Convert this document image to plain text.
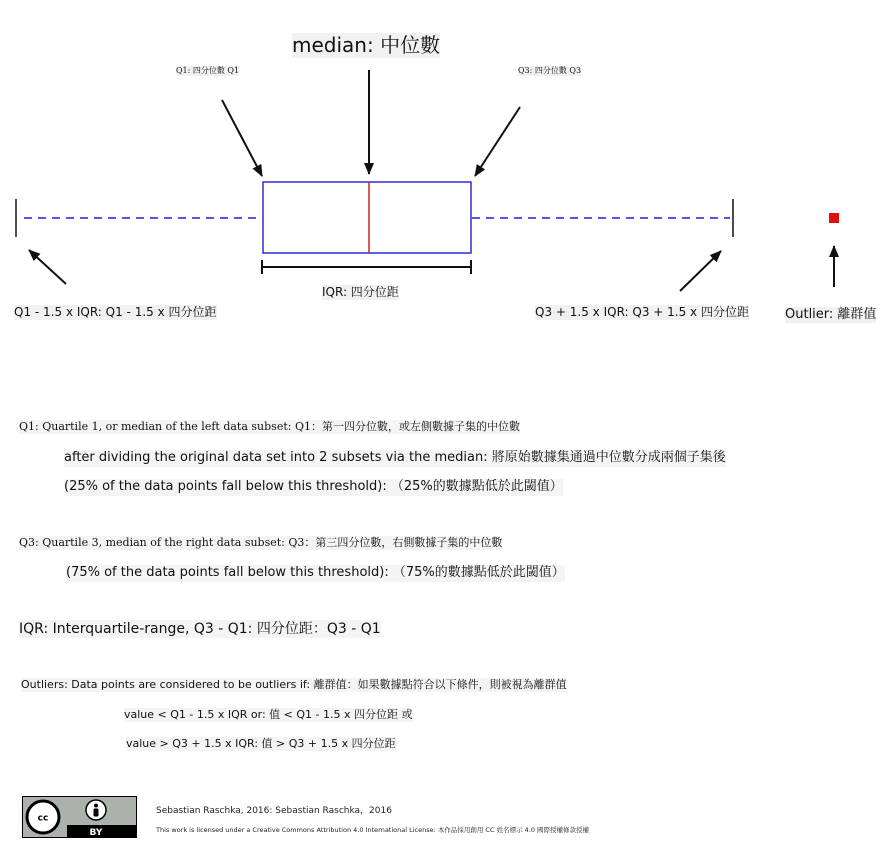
median: 中位數
Q1: 四分位數 Q1	Q3: 四分位數 Q3
IQR: 四分位距
Q1 - 1.5 x IQR: Q1 - 1.5 x 四分位距	Q3 + 1.5 x IQR: Q3 + 1.5 x 四分位距	Outlier: 離群值
Q1: Quartile 1, or median of the left data subset: Q1：第一四分位數，或左側數據子集的中位數
after dividing the original data set into 2 subsets via the median: 將原始數據集通過中位數分成兩個子集後
(25% of the data points fall below this threshold): （25%的數據點低於此閾值）
Q3: Quartile 3, median of the right data subset: Q3：第三四分位數，右側數據子集的中位數
(75% of the data points fall below this threshold): （75%的數據點低於此閾值）
IQR: Interquartile-range, Q3 - Q1: 四分位距：Q3 - Q1
Outliers: Data points are considered to be outliers if: 離群值：如果數據點符合以下條件，則被視為離群值
value < Q1 - 1.5 x IQR or: 值 < Q1 - 1.5 x 四分位距 或
value > Q3 + 1.5 x IQR: 值 > Q3 + 1.5 x 四分位距
cc
BY
Sebastian Raschka, 2016: Sebastian Raschka，2016
This work is licensed under a Creative Commons Attribution 4.0 International License: 本作品採用創用 CC 姓名標示 4.0 國際授權條款授權
